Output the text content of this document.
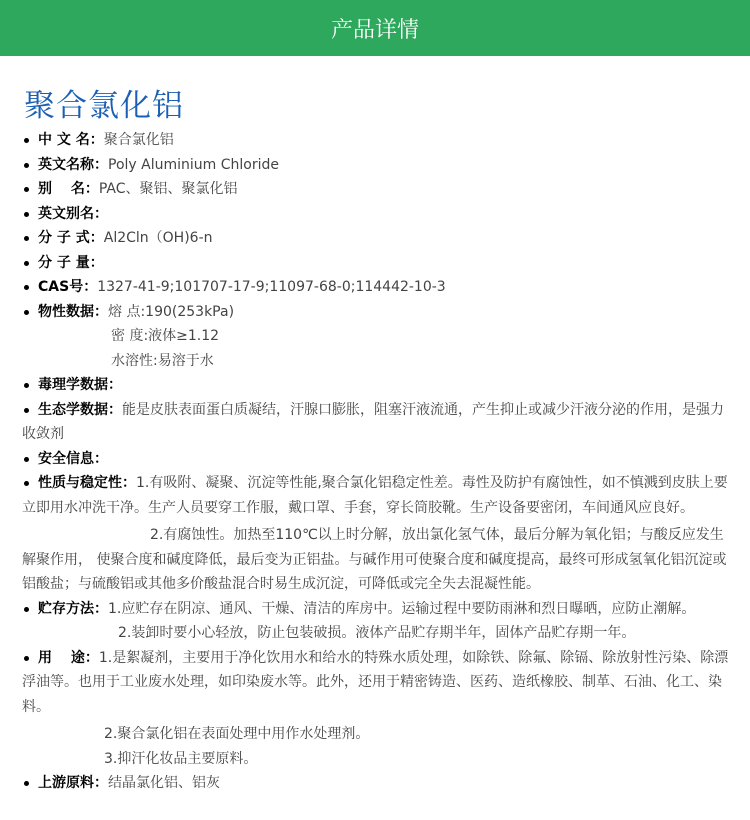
产品详情
聚合氯化铝
中 文 名：聚合氯化铝
英文名称：Poly Aluminium Chloride
别　 名：PAC、聚铝、聚氯化铝
英文别名：
分 子 式：Al2Cln（OH)6-n
分 子 量：
CAS号：1327-41-9;101707-17-9;11097-68-0;114442-10-3
物性数据：熔 点:190(253kPa)
密 度:液体≥1.12
水溶性:易溶于水
毒理学数据：
生态学数据：能是皮肤表面蛋白质凝结，汗腺口膨胀，阻塞汗液流通，产生抑止或减少汗液分泌的作用，是强力收敛剂
安全信息：
性质与稳定性：1.有吸附、凝聚、沉淀等性能,聚合氯化铝稳定性差。毒性及防护有腐蚀性，如不慎溅到皮肤上要立即用水冲洗干净。生产人员要穿工作服，戴口罩、手套，穿长筒胶靴。生产设备要密闭，车间通风应良好。
2.有腐蚀性。加热至110℃以上时分解，放出氯化氢气体，最后分解为氧化铝；与酸反应发生解聚作用， 使聚合度和碱度降低，最后变为正铝盐。与碱作用可使聚合度和碱度提高，最终可形成氢氧化铝沉淀或铝酸盐；与硫酸铝或其他多价酸盐混合时易生成沉淀，可降低或完全失去混凝性能。
贮存方法：1.应贮存在阴凉、通风、干燥、清洁的库房中。运输过程中要防雨淋和烈日曝晒，应防止潮解。
2.装卸时要小心轻放，防止包装破损。液体产品贮存期半年，固体产品贮存期一年。
用　 途：1.是絮凝剂，主要用于净化饮用水和给水的特殊水质处理，如除铁、除氟、除镉、除放射性污染、除漂浮油等。也用于工业废水处理，如印染废水等。此外，还用于精密铸造、医药、造纸橡胶、制革、石油、化工、染料。
2.聚合氯化铝在表面处理中用作水处理剂。
3.抑汗化妆品主要原料。
上游原料：结晶氯化铝、铝灰
